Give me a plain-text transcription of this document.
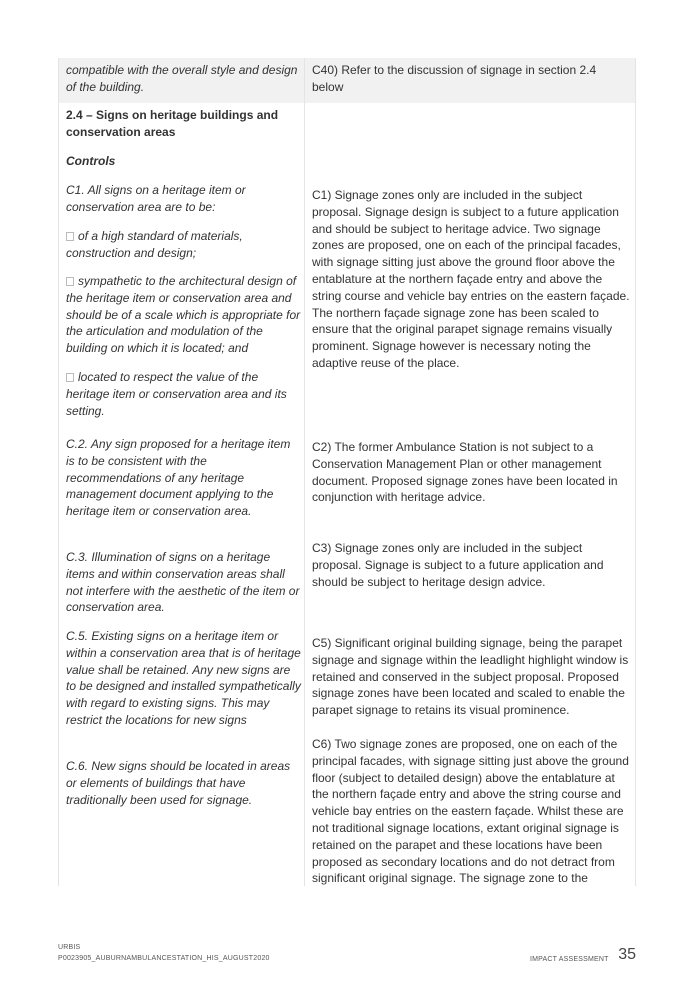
compatible with the overall style and design of the building.

C40) Refer to the discussion of signage in section 2.4 below

2.4 – Signs on heritage buildings and conservation areas

Controls

C1. All signs on a heritage item or conservation area are to be:

of a high standard of materials, construction and design;

sympathetic to the architectural design of the heritage item or conservation area and should be of a scale which is appropriate for the articulation and modulation of the building on which it is located; and

located to respect the value of the heritage item or conservation area and its setting.

C.2. Any sign proposed for a heritage item is to be consistent with the recommendations of any heritage management document applying to the heritage item or conservation area.

C.3. Illumination of signs on a heritage items and within conservation areas shall not interfere with the aesthetic of the item or conservation area.

C.5. Existing signs on a heritage item or within a conservation area that is of heritage value shall be retained. Any new signs are to be designed and installed sympathetically with regard to existing signs. This may restrict the locations for new signs

C.6. New signs should be located in areas or elements of buildings that have traditionally been used for signage.

C1) Signage zones only are included in the subject proposal. Signage design is subject to a future application and should be subject to heritage advice. Two signage zones are proposed, one on each of the principal facades, with signage sitting just above the ground floor above the entablature at the northern façade entry and above the string course and vehicle bay entries on the eastern façade. The northern façade signage zone has been scaled to ensure that the original parapet signage remains visually prominent. Signage however is necessary noting the adaptive reuse of the place.

C2) The former Ambulance Station is not subject to a Conservation Management Plan or other management document. Proposed signage zones have been located in conjunction with heritage advice.

C3) Signage zones only are included in the subject proposal. Signage is subject to a future application and should be subject to heritage design advice.

C5) Significant original building signage, being the parapet signage and signage within the leadlight highlight window is retained and conserved in the subject proposal. Proposed signage zones have been located and scaled to enable the parapet signage to retains its visual prominence.

C6) Two signage zones are proposed, one on each of the principal facades, with signage sitting just above the ground floor (subject to detailed design) above the entablature at the northern façade entry and above the string course and vehicle bay entries on the eastern façade. Whilst these are not traditional signage locations, extant original signage is retained on the parapet and these locations have been proposed as secondary locations and do not detract from significant original signage. The signage zone to the

URBIS
P0023905_AUBURNAMBULANCESTATION_HIS_AUGUST2020	IMPACT ASSESSMENT 35
